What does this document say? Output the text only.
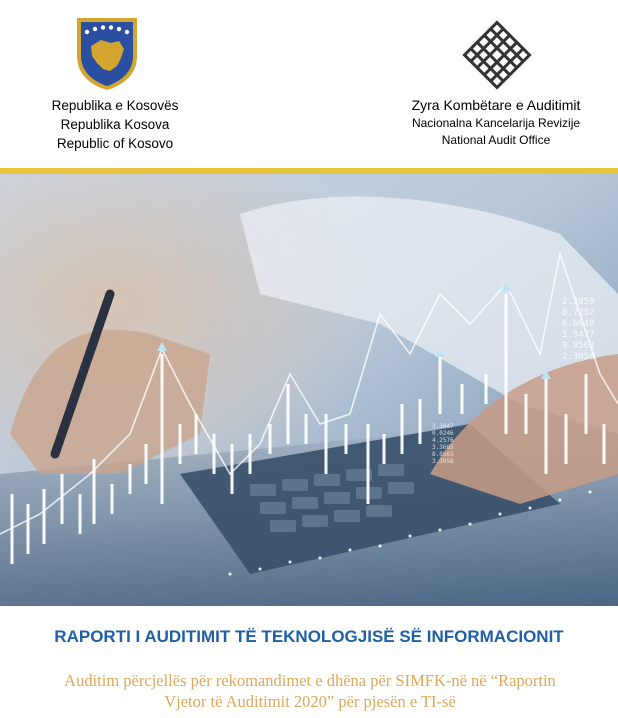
Republika e Kosovës
Republika Kosova
Republic of Kosovo
Zyra Kombëtare e Auditimit
Nacionalna Kancelarija Revizije
National Audit Office
2.3059
8.7257
6.6048
1.9477
9.8563
2.3058
3.3047
0.0246
4.2576
3.3665
8.0563
3.3058
RAPORTI I AUDITIMIT TË TEKNOLOGJISË SË INFORMACIONIT
Auditim përcjellës për rekomandimet e dhëna për SIMFK-në në “Raportin
Vjetor të Auditimit 2020” për pjesën e TI-së
